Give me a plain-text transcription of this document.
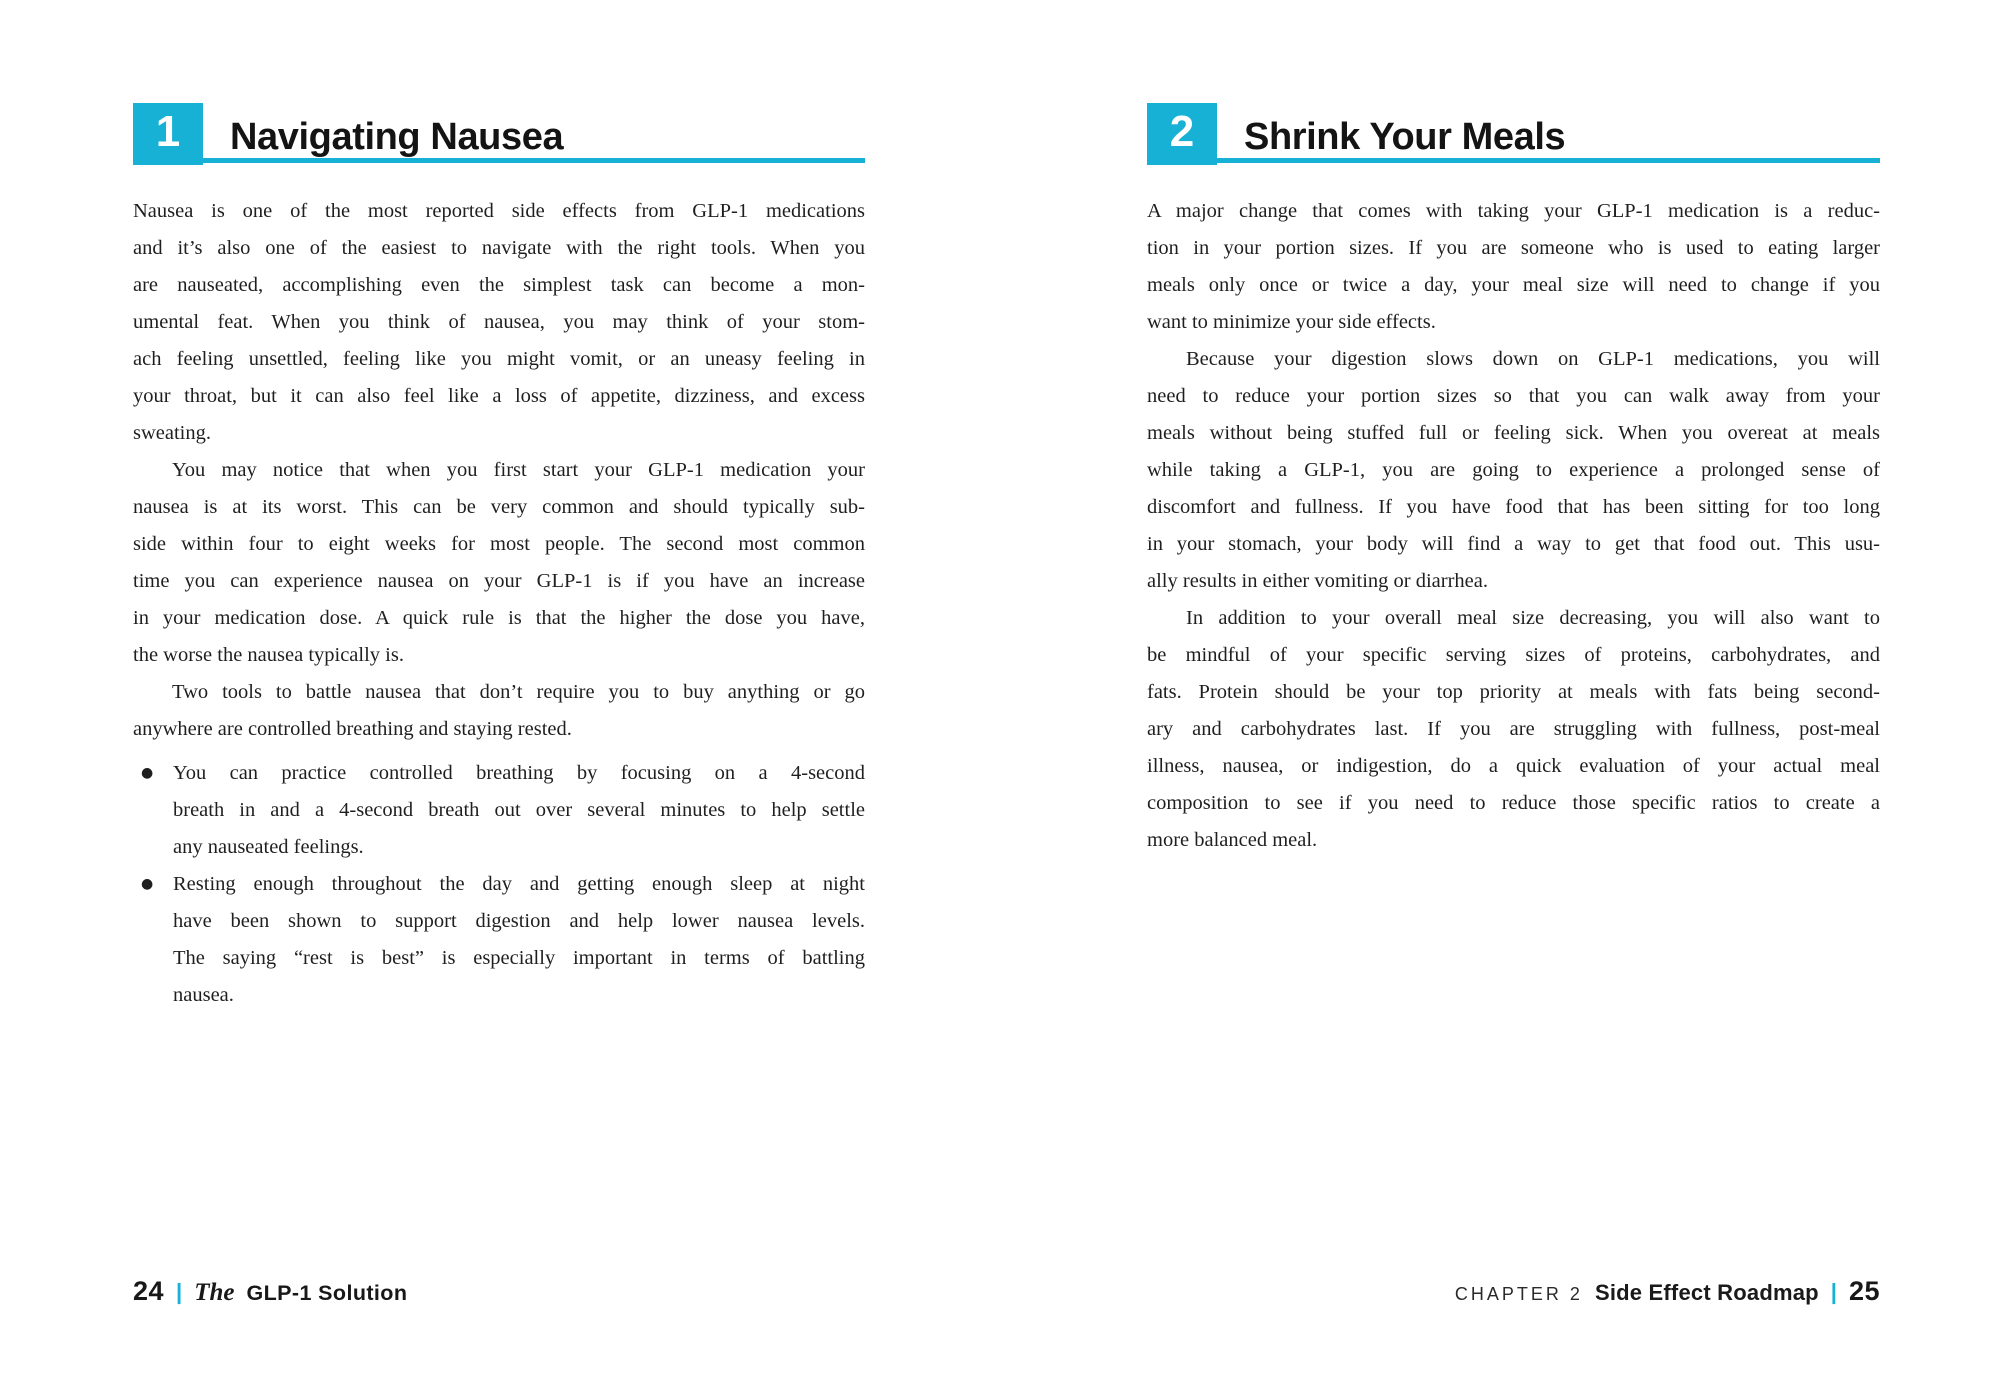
1	Navigating Nausea
Nausea is one of the most reported side effects from GLP-1 medications
and it’s also one of the easiest to navigate with the right tools. When you
are nauseated, accomplishing even the simplest task can become a mon-
umental feat. When you think of nausea, you may think of your stom-
ach feeling unsettled, feeling like you might vomit, or an uneasy feeling in
your throat, but it can also feel like a loss of appetite, dizziness, and excess
sweating.
You may notice that when you first start your GLP-1 medication your
nausea is at its worst. This can be very common and should typically sub-
side within four to eight weeks for most people. The second most common
time you can experience nausea on your GLP-1 is if you have an increase
in your medication dose. A quick rule is that the higher the dose you have,
the worse the nausea typically is.
Two tools to battle nausea that don’t require you to buy anything or go
anywhere are controlled breathing and staying rested.
● You can practice controlled breathing by focusing on a 4-second
breath in and a 4-second breath out over several minutes to help settle
any nauseated feelings.
● Resting enough throughout the day and getting enough sleep at night
have been shown to support digestion and help lower nausea levels.
The saying “rest is best” is especially important in terms of battling
nausea.
24 | The GLP-1 Solution
2	Shrink Your Meals
A major change that comes with taking your GLP-1 medication is a reduc-
tion in your portion sizes. If you are someone who is used to eating larger
meals only once or twice a day, your meal size will need to change if you
want to minimize your side effects.
Because your digestion slows down on GLP-1 medications, you will
need to reduce your portion sizes so that you can walk away from your
meals without being stuffed full or feeling sick. When you overeat at meals
while taking a GLP-1, you are going to experience a prolonged sense of
discomfort and fullness. If you have food that has been sitting for too long
in your stomach, your body will find a way to get that food out. This usu-
ally results in either vomiting or diarrhea.
In addition to your overall meal size decreasing, you will also want to
be mindful of your specific serving sizes of proteins, carbohydrates, and
fats. Protein should be your top priority at meals with fats being second-
ary and carbohydrates last. If you are struggling with fullness, post-meal
illness, nausea, or indigestion, do a quick evaluation of your actual meal
composition to see if you need to reduce those specific ratios to create a
more balanced meal.
CHAPTER 2 Side Effect Roadmap | 25
